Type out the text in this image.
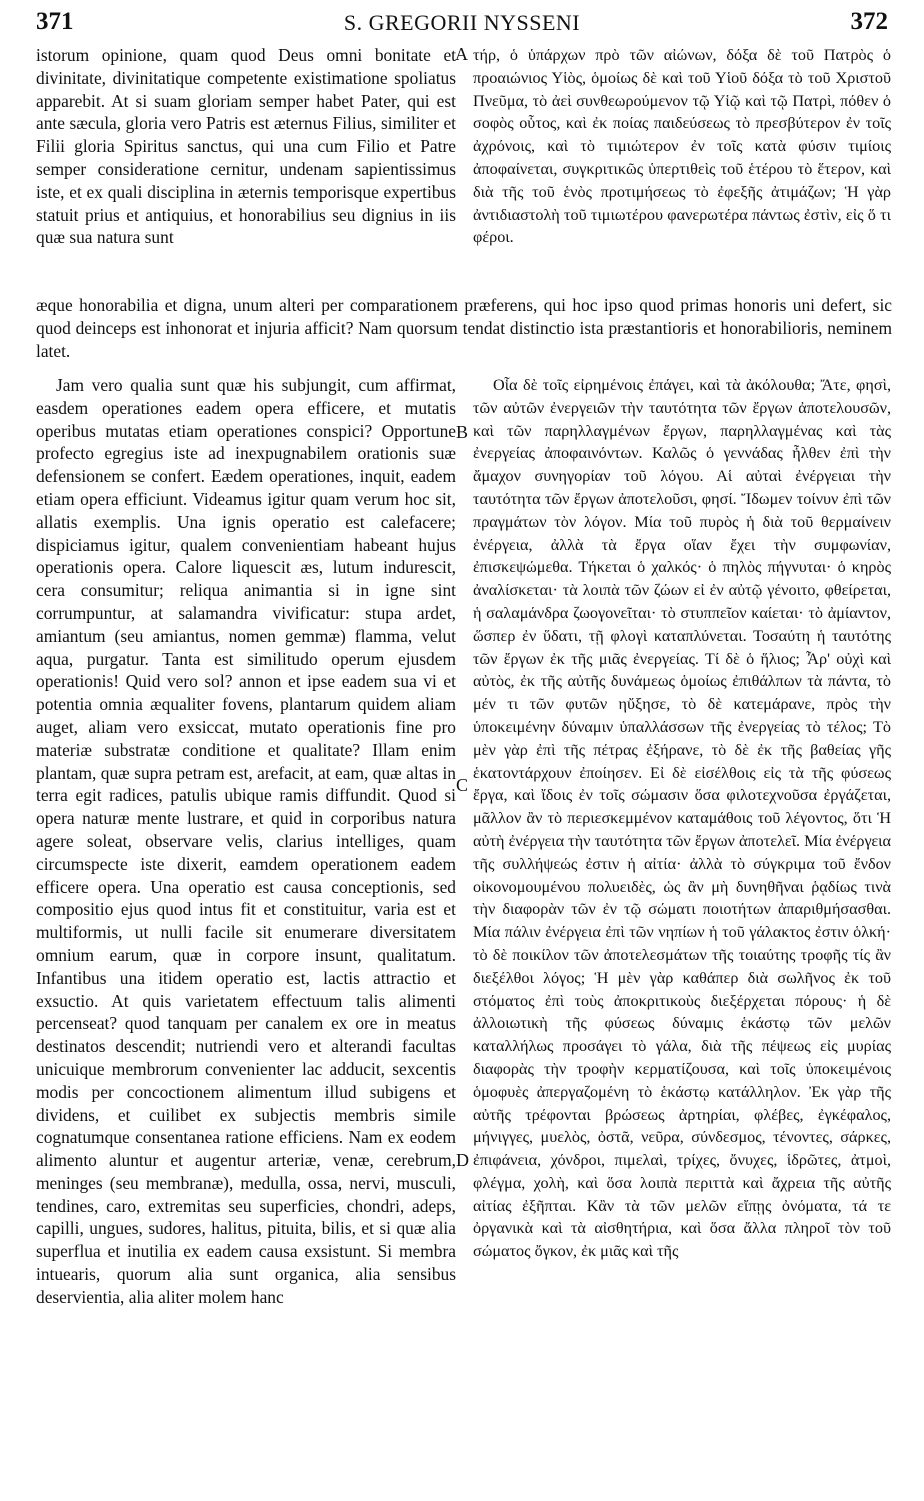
371	S. GREGORII NYSSENI	372
A
B
C
D

istorum opinione, quam quod Deus omni bonitate et divinitate, divinitatique competente existimatione spoliatus apparebit. At si suam gloriam semper habet Pater, qui est ante sæcula, gloria vero Patris est æternus Filius, similiter et Filii gloria Spiritus sanctus, qui una cum Filio et Patre semper consideratione cernitur, undenam sapientissimus iste, et ex quali disciplina in æternis temporisque expertibus statuit prius et antiquius, et honorabilius seu dignius in iis quæ sua natura sunt

τήρ, ὁ ὑπάρχων πρὸ τῶν αἰώνων, δόξα δὲ τοῦ Πατρὸς ὁ προαιώνιος Υἱὸς, ὁμοίως δὲ καὶ τοῦ Υἱοῦ δόξα τὸ τοῦ Χριστοῦ Πνεῦμα, τὸ ἀεὶ συνθεωρούμενον τῷ Υἱῷ καὶ τῷ Πατρὶ, πόθεν ὁ σοφὸς οὗτος, καὶ ἐκ ποίας παιδεύσεως τὸ πρεσβύτερον ἐν τοῖς ἀχρόνοις, καὶ τὸ τιμιώτερον ἐν τοῖς κατὰ φύσιν τιμίοις ἀποφαίνεται, συγκριτικῶς ὑπερτιθεὶς τοῦ ἑτέρου τὸ ἕτερον, καὶ διὰ τῆς τοῦ ἑνὸς προτιμήσεως τὸ ἐφεξῆς ἀτιμάζων; Ἡ γὰρ ἀντιδιαστολὴ τοῦ τιμιωτέρου φανερωτέρα πάντως ἐστὶν, εἰς ὅ τι φέροι.

æque honorabilia et digna, unum alteri per comparationem præferens, qui hoc ipso quod primas honoris uni defert, sic quod deinceps est inhonorat et injuria afficit? Nam quorsum tendat distinctio ista præstantioris et honorabilioris, neminem latet.

Jam vero qualia sunt quæ his subjungit, cum affirmat, easdem operationes eadem opera efficere, et mutatis operibus mutatas etiam operationes conspici? Opportune profecto egregius iste ad inexpugnabilem orationis suæ defensionem se confert. Eædem operationes, inquit, eadem etiam opera efficiunt. Videamus igitur quam verum hoc sit, allatis exemplis. Una ignis operatio est calefacere; dispiciamus igitur, qualem convenientiam habeant hujus operationis opera. Calore liquescit æs, lutum indurescit, cera consumitur; reliqua animantia si in igne sint corrumpuntur, at salamandra vivificatur: stupa ardet, amiantum (seu amiantus, nomen gemmæ) flamma, velut aqua, purgatur. Tanta est similitudo operum ejusdem operationis! Quid vero sol? annon et ipse eadem sua vi et potentia omnia æqualiter fovens, plantarum quidem aliam auget, aliam vero exsiccat, mutato operationis fine pro materiæ substratæ conditione et qualitate? Illam enim plantam, quæ supra petram est, arefacit, at eam, quæ altas in terra egit radices, patulis ubique ramis diffundit. Quod si opera naturæ mente lustrare, et quid in corporibus natura agere soleat, observare velis, clarius intelliges, quam circumspecte iste dixerit, eamdem operationem eadem efficere opera. Una operatio est causa conceptionis, sed compositio ejus quod intus fit et constituitur, varia est et multiformis, ut nulli facile sit enumerare diversitatem omnium earum, quæ in corpore insunt, qualitatum. Infantibus una itidem operatio est, lactis attractio et exsuctio. At quis varietatem effectuum talis alimenti percenseat? quod tanquam per canalem ex ore in meatus destinatos descendit; nutriendi vero et alterandi facultas unicuique membrorum convenienter lac adducit, sexcentis modis per concoctionem alimentum illud subigens et dividens, et cuilibet ex subjectis membris simile cognatumque consentanea ratione efficiens. Nam ex eodem alimento aluntur et augentur arteriæ, venæ, cerebrum, meninges (seu membranæ), medulla, ossa, nervi, musculi, tendines, caro, extremitas seu superficies, chondri, adeps, capilli, ungues, sudores, halitus, pituita, bilis, et si quæ alia superflua et inutilia ex eadem causa exsistunt. Si membra intuearis, quorum alia sunt organica, alia sensibus deservientia, alia aliter molem hanc

Οἷα δὲ τοῖς εἰρημένοις ἐπάγει, καὶ τὰ ἀκόλουθα; Ἄτε, φησὶ, τῶν αὐτῶν ἐνεργειῶν τὴν ταυτότητα τῶν ἔργων ἀποτελουσῶν, καὶ τῶν παρηλλαγμένων ἔργων, παρηλλαγμένας καὶ τὰς ἐνεργείας ἀποφαινόντων. Καλῶς ὁ γεννάδας ἦλθεν ἐπὶ τὴν ἄμαχον συνηγορίαν τοῦ λόγου. Αἱ αὐταὶ ἐνέργειαι τὴν ταυτότητα τῶν ἔργων ἀποτελοῦσι, φησί. Ἴδωμεν τοίνυν ἐπὶ τῶν πραγμάτων τὸν λόγον. Μία τοῦ πυρὸς ἡ διὰ τοῦ θερμαίνειν ἐνέργεια, ἀλλὰ τὰ ἔργα οἵαν ἔχει τὴν συμφωνίαν, ἐπισκεψώμεθα. Τήκεται ὁ χαλκός· ὁ πηλὸς πήγνυται· ὁ κηρὸς ἀναλίσκεται· τὰ λοιπὰ τῶν ζώων εἰ ἐν αὐτῷ γένοιτο, φθείρεται, ἡ σαλαμάνδρα ζωογονεῖται· τὸ στυππεῖον καίεται· τὸ ἀμίαντον, ὥσπερ ἐν ὕδατι, τῇ φλογὶ καταπλύνεται. Τοσαύτη ἡ ταυτότης τῶν ἔργων ἐκ τῆς μιᾶς ἐνεργείας. Τί δὲ ὁ ἥλιος; Ἆρ' οὐχὶ καὶ αὐτὸς, ἐκ τῆς αὐτῆς δυνάμεως ὁμοίως ἐπιθάλπων τὰ πάντα, τὸ μέν τι τῶν φυτῶν ηὔξησε, τὸ δὲ κατεμάρανε, πρὸς τὴν ὑποκειμένην δύναμιν ὑπαλλάσσων τῆς ἐνεργείας τὸ τέλος; Τὸ μὲν γὰρ ἐπὶ τῆς πέτρας ἐξήρανε, τὸ δὲ ἐκ τῆς βαθείας γῆς ἑκατοντάρχουν ἐποίησεν. Εἰ δὲ εἰσέλθοις εἰς τὰ τῆς φύσεως ἔργα, καὶ ἴδοις ἐν τοῖς σώμασιν ὅσα φιλοτεχνοῦσα ἐργάζεται, μᾶλλον ἂν τὸ περιεσκεμμένον καταμάθοις τοῦ λέγοντος, ὅτι Ἡ αὐτὴ ἐνέργεια τὴν ταυτότητα τῶν ἔργων ἀποτελεῖ. Μία ἐνέργεια τῆς συλλήψεώς ἐστιν ἡ αἰτία· ἀλλὰ τὸ σύγκριμα τοῦ ἔνδον οἰκονομουμένου πολυειδὲς, ὡς ἂν μὴ δυνηθῆναι ῥᾳδίως τινὰ τὴν διαφορὰν τῶν ἐν τῷ σώματι ποιοτήτων ἀπαριθμήσασθαι. Μία πάλιν ἐνέργεια ἐπὶ τῶν νηπίων ἡ τοῦ γάλακτος ἐστιν ὁλκή· τὸ δὲ ποικίλον τῶν ἀποτελεσμάτων τῆς τοιαύτης τροφῆς τίς ἂν διεξέλθοι λόγος; Ἡ μὲν γὰρ καθάπερ διὰ σωλῆνος ἐκ τοῦ στόματος ἐπὶ τοὺς ἀποκριτικοὺς διεξέρχεται πόρους· ἡ δὲ ἀλλοιωτικὴ τῆς φύσεως δύναμις ἑκάστῳ τῶν μελῶν καταλλήλως προσάγει τὸ γάλα, διὰ τῆς πέψεως εἰς μυρίας διαφορὰς τὴν τροφὴν κερματίζουσα, καὶ τοῖς ὑποκειμένοις ὁμοφυὲς ἀπεργαζομένη τὸ ἑκάστῳ κατάλληλον. Ἐκ γὰρ τῆς αὐτῆς τρέφονται βρώσεως ἀρτηρίαι, φλέβες, ἐγκέφαλος, μήνιγγες, μυελὸς, ὀστᾶ, νεῦρα, σύνδεσμος, τένοντες, σάρκες, ἐπιφάνεια, χόνδροι, πιμελαὶ, τρίχες, ὄνυχες, ἱδρῶτες, ἀτμοὶ, φλέγμα, χολὴ, καὶ ὅσα λοιπὰ περιττὰ καὶ ἄχρεια τῆς αὐτῆς αἰτίας ἐξῆπται. Κἂν τὰ τῶν μελῶν εἴπῃς ὀνόματα, τά τε ὀργανικὰ καὶ τὰ αἰσθητήρια, καὶ ὅσα ἄλλα πληροῖ τὸν τοῦ σώματος ὄγκον, ἐκ μιᾶς καὶ τῆς
